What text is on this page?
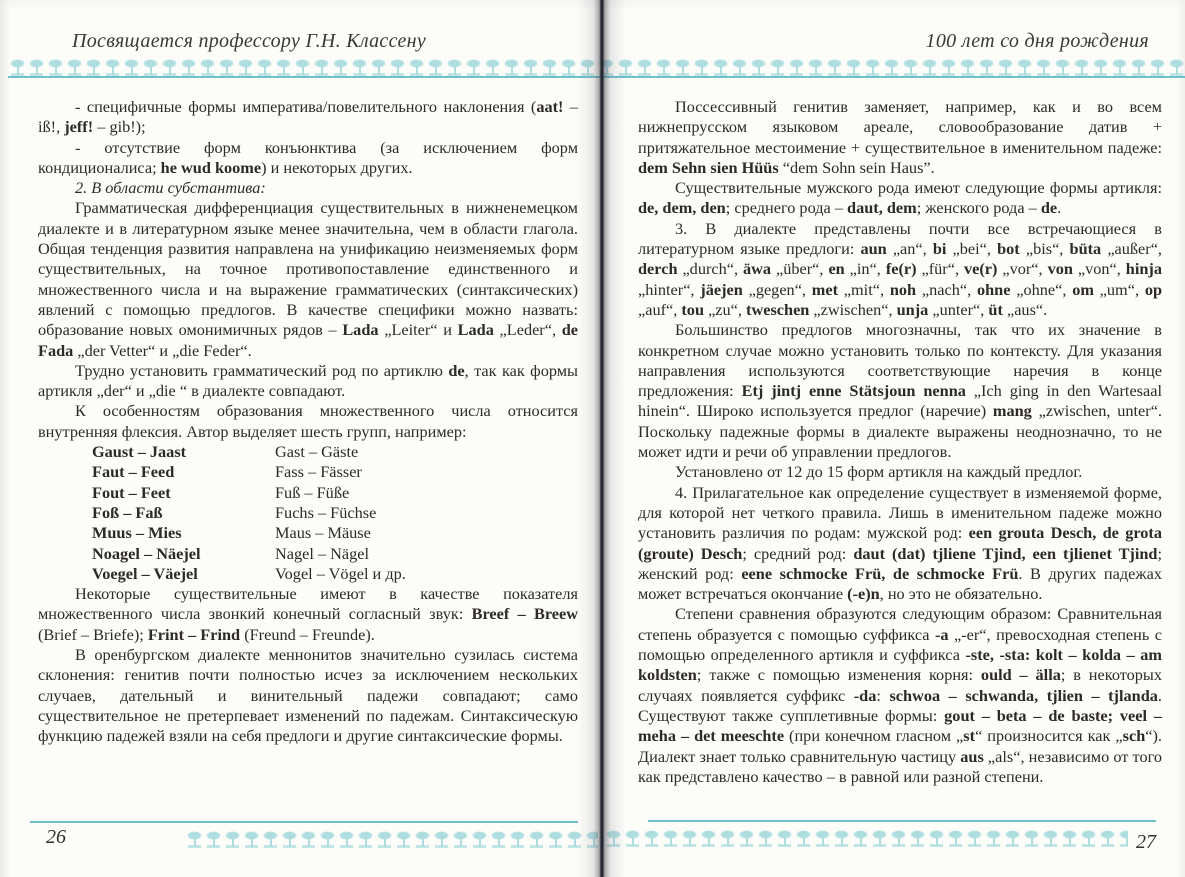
Посвящается профессору Г.Н. Классену	100 лет со дня рождения
- специфичные формы императива/повелительного наклонения (aat! – iß!, jeff! – gib!);
- отсутствие форм конъюнктива (за исключением форм кондиционалиса; he wud koome) и некоторых других.
2. В области субстантива:
Грамматическая дифференциация существительных в нижненемецком диалекте и в литературном языке менее значительна, чем в области глагола. Общая тенденция развития направлена на унификацию неизменяемых форм существительных, на точное противопоставление единственного и множественного числа и на выражение грамматических (синтаксических) явлений с помощью предлогов. В качестве специфики можно назвать: образование новых омонимичных рядов – Lada „Leiter“ и Lada „Leder“, de Fada „der Vetter“ и „die Feder“.
Трудно установить грамматический род по артиклю de, так как формы артикля „der“ и „die “ в диалекте совпадают.
К особенностям образования множественного числа относится внутренняя флексия. Автор выделяет шесть групп, например:
Gaust – Jaast	Gast – Gäste
Faut – Feed	Fass – Fässer
Fout – Feet	Fuß – Füße
Foß – Faß	Fuchs – Füchse
Muus – Mies	Maus – Mäuse
Noagel – Näejel	Nagel – Nägel
Voegel – Väejel	Vogel – Vögel и др.
Некоторые существительные имеют в качестве показателя множественного числа звонкий конечный согласный звук: Breef – Breew (Brief – Briefe); Frint – Frind (Freund – Freunde).
В оренбургском диалекте меннонитов значительно сузилась система склонения: генитив почти полностью исчез за исключением нескольких случаев, дательный и винительный падежи совпадают; само существительное не претерпевает изменений по падежам. Синтаксическую функцию падежей взяли на себя предлоги и другие синтаксические формы.
Поссессивный генитив заменяет, например, как и во всем нижнепрусском языковом ареале, словообразование датив + притяжательное местоимение + существительное в именительном падеже: dem Sehn sien Hüüs “dem Sohn sein Haus”.
Существительные мужского рода имеют следующие формы артикля: de, dem, den; среднего рода – daut, dem; женского рода – de.
3. В диалекте представлены почти все встречающиеся в литературном языке предлоги: aun „an“, bi „bei“, bot „bis“, büta „außer“, derch „durch“, äwa „über“, en „in“, fe(r) „für“, ve(r) „vor“, von „von“, hinja „hinter“, jäejen „gegen“, met „mit“, noh „nach“, ohne „ohne“, om „um“, op „auf“, tou „zu“, tweschen „zwischen“, unja „unter“, üt „aus“.
Большинство предлогов многозначны, так что их значение в конкретном случае можно установить только по контексту. Для указания направления используются соответствующие наречия в конце предложения: Etj jintj enne Stätsjoun nenna „Ich ging in den Wartesaal hinein“. Широко используется предлог (наречие) mang „zwischen, unter“. Поскольку падежные формы в диалекте выражены неоднозначно, то не может идти и речи об управлении предлогов.
Установлено от 12 до 15 форм артикля на каждый предлог.
4. Прилагательное как определение существует в изменяемой форме, для которой нет четкого правила. Лишь в именительном падеже можно установить различия по родам: мужской род: een grouta Desch, de grota (groute) Desch; средний род: daut (dat) tjliene Tjind, een tjlienet Tjind; женский род: eene schmocke Frü, de schmocke Frü. В других падежах может встречаться окончание (-e)n, но это не обязательно.
Степени сравнения образуются следующим образом: Сравнительная степень образуется с помощью суффикса -a „-er“, превосходная степень с помощью определенного артикля и суффикса -ste, -sta: kolt – kolda – am koldsten; также с помощью изменения корня: ould – älla; в некоторых случаях появляется суффикс -da: schwoa – schwanda, tjlien – tjlanda. Существуют также супплетивные формы: gout – beta – de baste; veel – meha – det meeschte (при конечном гласном „st“ произносится как „sch“). Диалект знает только сравнительную частицу aus „als“, независимо от того как представлено качество – в равной или разной степени.
26	27
